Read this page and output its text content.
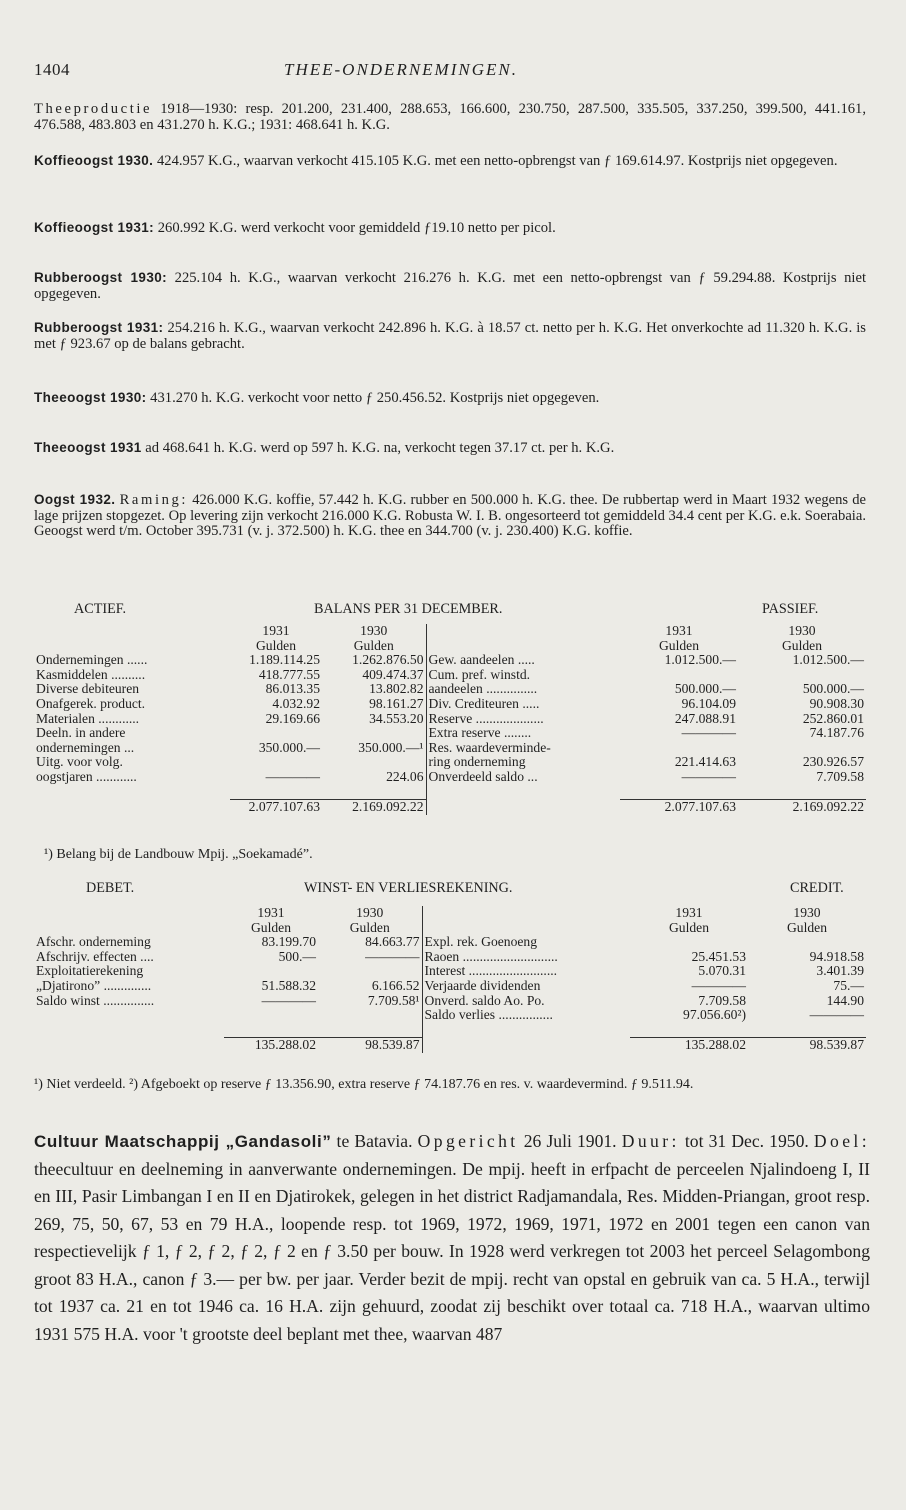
1404	THEE-ONDERNEMINGEN.

Theeproductie 1918—1930: resp. 201.200, 231.400, 288.653, 166.600, 230.750, 287.500, 335.505, 337.250, 399.500, 441.161, 476.588, 483.803 en 431.270 h. K.G.; 1931: 468.641 h. K.G.

Koffieoogst 1930. 424.957 K.G., waarvan verkocht 415.105 K.G. met een netto-opbrengst van ƒ 169.614.97. Kostprijs niet opgegeven.

Koffieoogst 1931: 260.992 K.G. werd verkocht voor gemiddeld ƒ19.10 netto per picol.

Rubberoogst 1930: 225.104 h. K.G., waarvan verkocht 216.276 h. K.G. met een netto-opbrengst van ƒ 59.294.88. Kostprijs niet opgegeven.

Rubberoogst 1931: 254.216 h. K.G., waarvan verkocht 242.896 h. K.G. à 18.57 ct. netto per h. K.G. Het onverkochte ad 11.320 h. K.G. is met ƒ 923.67 op de balans gebracht.

Theeoogst 1930: 431.270 h. K.G. verkocht voor netto ƒ 250.456.52. Kostprijs niet opgegeven.

Theeoogst 1931 ad 468.641 h. K.G. werd op 597 h. K.G. na, verkocht tegen 37.17 ct. per h. K.G.

Oogst 1932. Raming: 426.000 K.G. koffie, 57.442 h. K.G. rubber en 500.000 h. K.G. thee. De rubbertap werd in Maart 1932 wegens de lage prijzen stopgezet. Op levering zijn verkocht 216.000 K.G. Robusta W. I. B. ongesorteerd tot gemiddeld 34.4 cent per K.G. e.k. Soerabaia. Geoogst werd t/m. October 395.731 (v. j. 372.500) h. K.G. thee en 344.700 (v. j. 230.400) K.G. koffie.

ACTIEF.	BALANS PER 31 DECEMBER.	PASSIEF.
	1931	1930		1931	1930
	Gulden	Gulden		Gulden	Gulden
Ondernemingen ......	1.189.114.25	1.262.876.50	Gew. aandeelen .....	1.012.500.—	1.012.500.—
Kasmiddelen ..........	418.777.55	409.474.37	Cum. pref. winstd.		
Diverse debiteuren	86.013.35	13.802.82	aandeelen ...............	500.000.—	500.000.—
Onafgerek. product.	4.032.92	98.161.27	Div. Crediteuren .....	96.104.09	90.908.30
Materialen ............	29.169.66	34.553.20	Reserve ....................	247.088.91	252.860.01
Deeln. in andere			Extra reserve ........	————	74.187.76
ondernemingen ...	350.000.—	350.000.—¹	Res. waardeverminde-		
Uitg. voor volg.			ring onderneming	221.414.63	230.926.57
oogstjaren ............	————	224.06	Onverdeeld saldo ...	————	7.709.58

	2.077.107.63	2.169.092.22		2.077.107.63	2.169.092.22
¹) Belang bij de Landbouw Mpij. „Soekamadé”.
DEBET.	WINST- EN VERLIESREKENING.	CREDIT.
	1931	1930		1931	1930
	Gulden	Gulden		Gulden	Gulden
Afschr. onderneming	83.199.70	84.663.77	Expl. rek. Goenoeng		
Afschrijv. effecten ....	500.—	————	Raoen ............................	25.451.53	94.918.58
Exploitatierekening			Interest ..........................	5.070.31	3.401.39
„Djatirono” ..............	51.588.32	6.166.52	Verjaarde dividenden	————	75.—
Saldo winst ...............	————	7.709.58¹	Onverd. saldo Ao. Po.	7.709.58	144.90
			Saldo verlies ................	97.056.60²)	————

	135.288.02	98.539.87		135.288.02	98.539.87
¹) Niet verdeeld. ²) Afgeboekt op reserve ƒ 13.356.90, extra reserve ƒ 74.187.76 en res. v. waardevermind. ƒ 9.511.94.

Cultuur Maatschappij „Gandasoli” te Batavia. Opgericht 26 Juli 1901. Duur: tot 31 Dec. 1950. Doel: theecultuur en deelneming in aanverwante ondernemingen. De mpij. heeft in erfpacht de perceelen Njalindoeng I, II en III, Pasir Limbangan I en II en Djatirokek, gelegen in het district Radjamandala, Res. Midden-Priangan, groot resp. 269, 75, 50, 67, 53 en 79 H.A., loopende resp. tot 1969, 1972, 1969, 1971, 1972 en 2001 tegen een canon van respectievelijk ƒ 1, ƒ 2, ƒ 2, ƒ 2, ƒ 2 en ƒ 3.50 per bouw. In 1928 werd verkregen tot 2003 het perceel Selagombong groot 83 H.A., canon ƒ 3.— per bw. per jaar. Verder bezit de mpij. recht van opstal en gebruik van ca. 5 H.A., terwijl tot 1937 ca. 21 en tot 1946 ca. 16 H.A. zijn gehuurd, zoodat zij beschikt over totaal ca. 718 H.A., waarvan ultimo 1931 575 H.A. voor 't grootste deel beplant met thee, waarvan 487
